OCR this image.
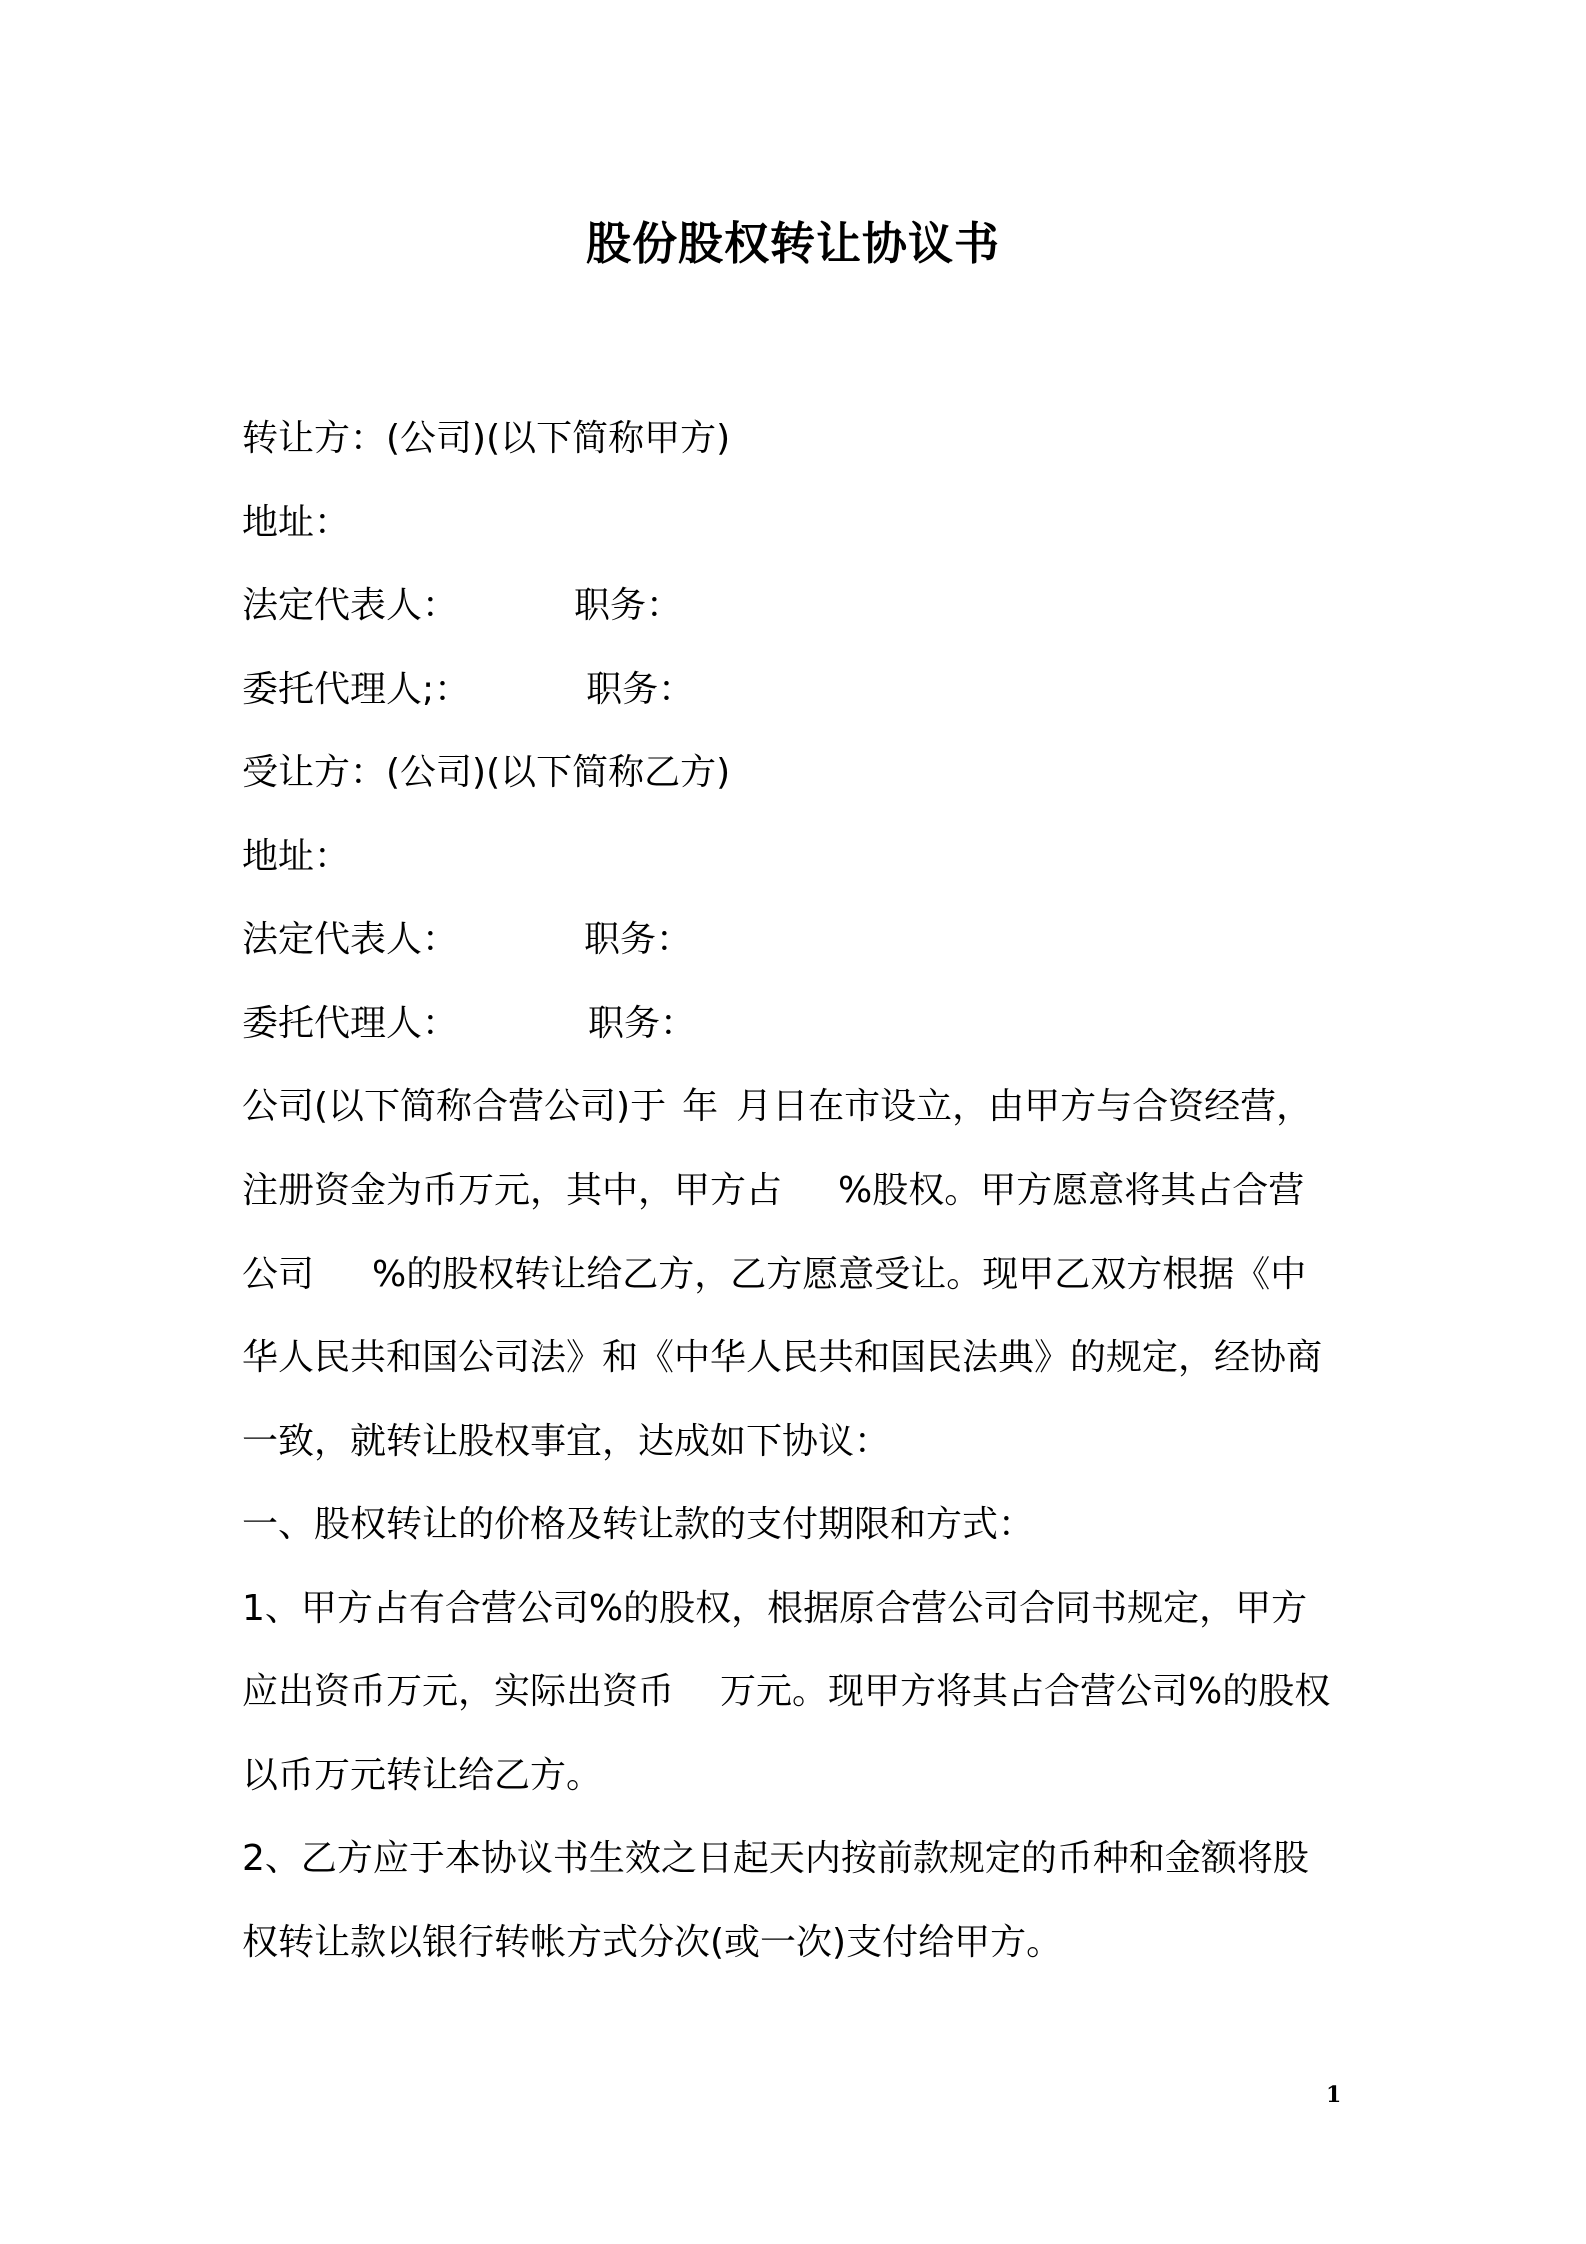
股份股权转让协议书
转让方：(公司)(以下简称甲方)
地址：
法定代表人：	职务：
委托代理人;：	职务：
受让方：(公司)(以下简称乙方)
地址：
法定代表人：	职务：
委托代理人：	职务：
公司(以下简称合营公司)于 年 月日在市设立，由甲方与合资经营，
注册资金为币万元，其中，甲方占 %股权。甲方愿意将其占合营
公司 %的股权转让给乙方，乙方愿意受让。现甲乙双方根据《中
华人民共和国公司法》和《中华人民共和国民法典》的规定，经协商
一致，就转让股权事宜，达成如下协议：
一、股权转让的价格及转让款的支付期限和方式：
1、甲方占有合营公司%的股权，根据原合营公司合同书规定，甲方
应出资币万元，实际出资币 万元。现甲方将其占合营公司%的股权
以币万元转让给乙方。
2、乙方应于本协议书生效之日起天内按前款规定的币种和金额将股
权转让款以银行转帐方式分次(或一次)支付给甲方。
1
